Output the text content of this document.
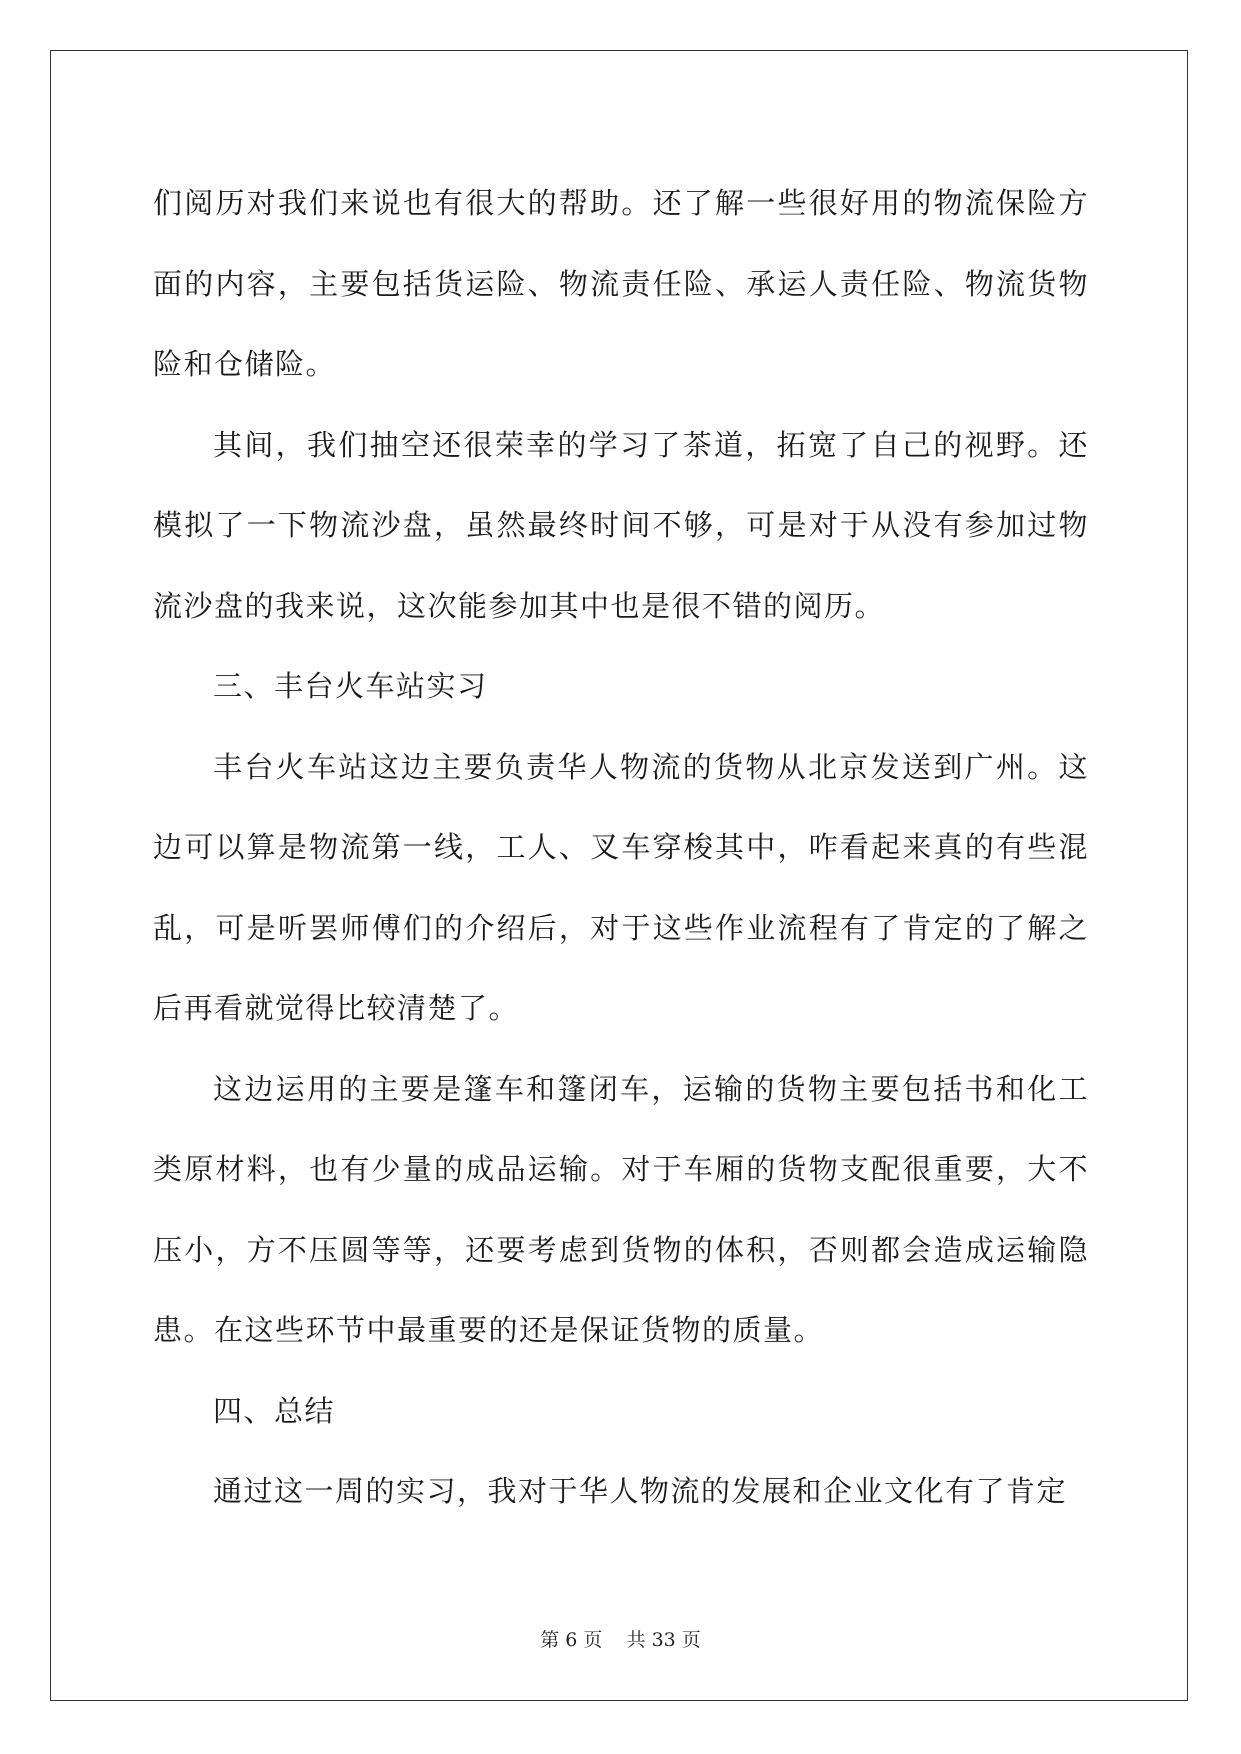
们阅历对我们来说也有很大的帮助。还了解一些很好用的物流保险方面的内容，主要包括货运险、物流责任险、承运人责任险、物流货物险和仓储险。

其间，我们抽空还很荣幸的学习了茶道，拓宽了自己的视野。还模拟了一下物流沙盘，虽然最终时间不够，可是对于从没有参加过物流沙盘的我来说，这次能参加其中也是很不错的阅历。

三、丰台火车站实习

丰台火车站这边主要负责华人物流的货物从北京发送到广州。这边可以算是物流第一线，工人、叉车穿梭其中，咋看起来真的有些混乱，可是听罢师傅们的介绍后，对于这些作业流程有了肯定的了解之后再看就觉得比较清楚了。

这边运用的主要是篷车和篷闭车，运输的货物主要包括书和化工类原材料，也有少量的成品运输。对于车厢的货物支配很重要，大不压小，方不压圆等等，还要考虑到货物的体积，否则都会造成运输隐患。在这些环节中最重要的还是保证货物的质量。

四、总结

通过这一周的实习，我对于华人物流的发展和企业文化有了肯定

第 6 页    共 33 页
